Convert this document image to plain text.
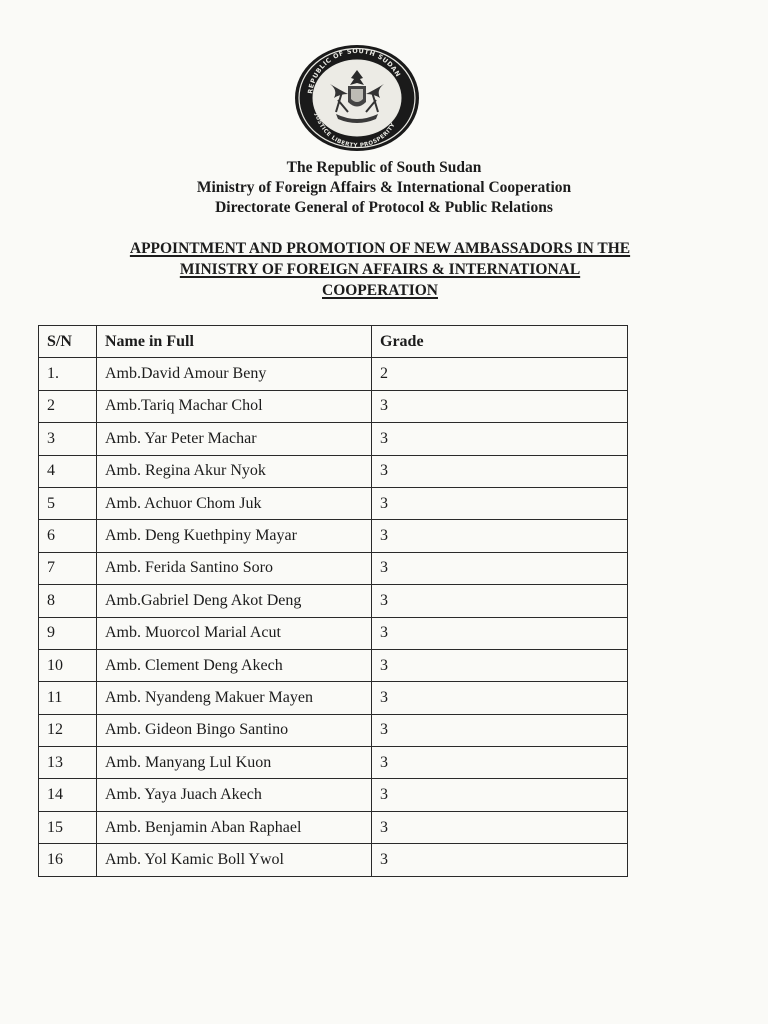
REPUBLIC OF SOUTH SUDAN
JUSTICE LIBERTY PROSPERITY
The Republic of South Sudan
Ministry of Foreign Affairs & International Cooperation
Directorate General of Protocol & Public Relations
APPOINTMENT AND PROMOTION OF NEW AMBASSADORS IN THE
MINISTRY OF FOREIGN AFFAIRS & INTERNATIONAL
COOPERATION
S/N	Name in Full	Grade
1.	Amb.David Amour Beny	2
2	Amb.Tariq Machar Chol	3
3	Amb. Yar Peter Machar	3
4	Amb. Regina Akur Nyok	3
5	Amb. Achuor Chom Juk	3
6	Amb. Deng Kuethpiny Mayar	3
7	Amb. Ferida Santino Soro	3
8	Amb.Gabriel Deng Akot Deng	3
9	Amb. Muorcol Marial Acut	3
10	Amb. Clement Deng Akech	3
11	Amb. Nyandeng Makuer Mayen	3
12	Amb. Gideon Bingo Santino	3
13	Amb. Manyang Lul Kuon	3
14	Amb. Yaya Juach Akech	3
15	Amb. Benjamin Aban Raphael	3
16	Amb. Yol Kamic Boll Ywol	3
